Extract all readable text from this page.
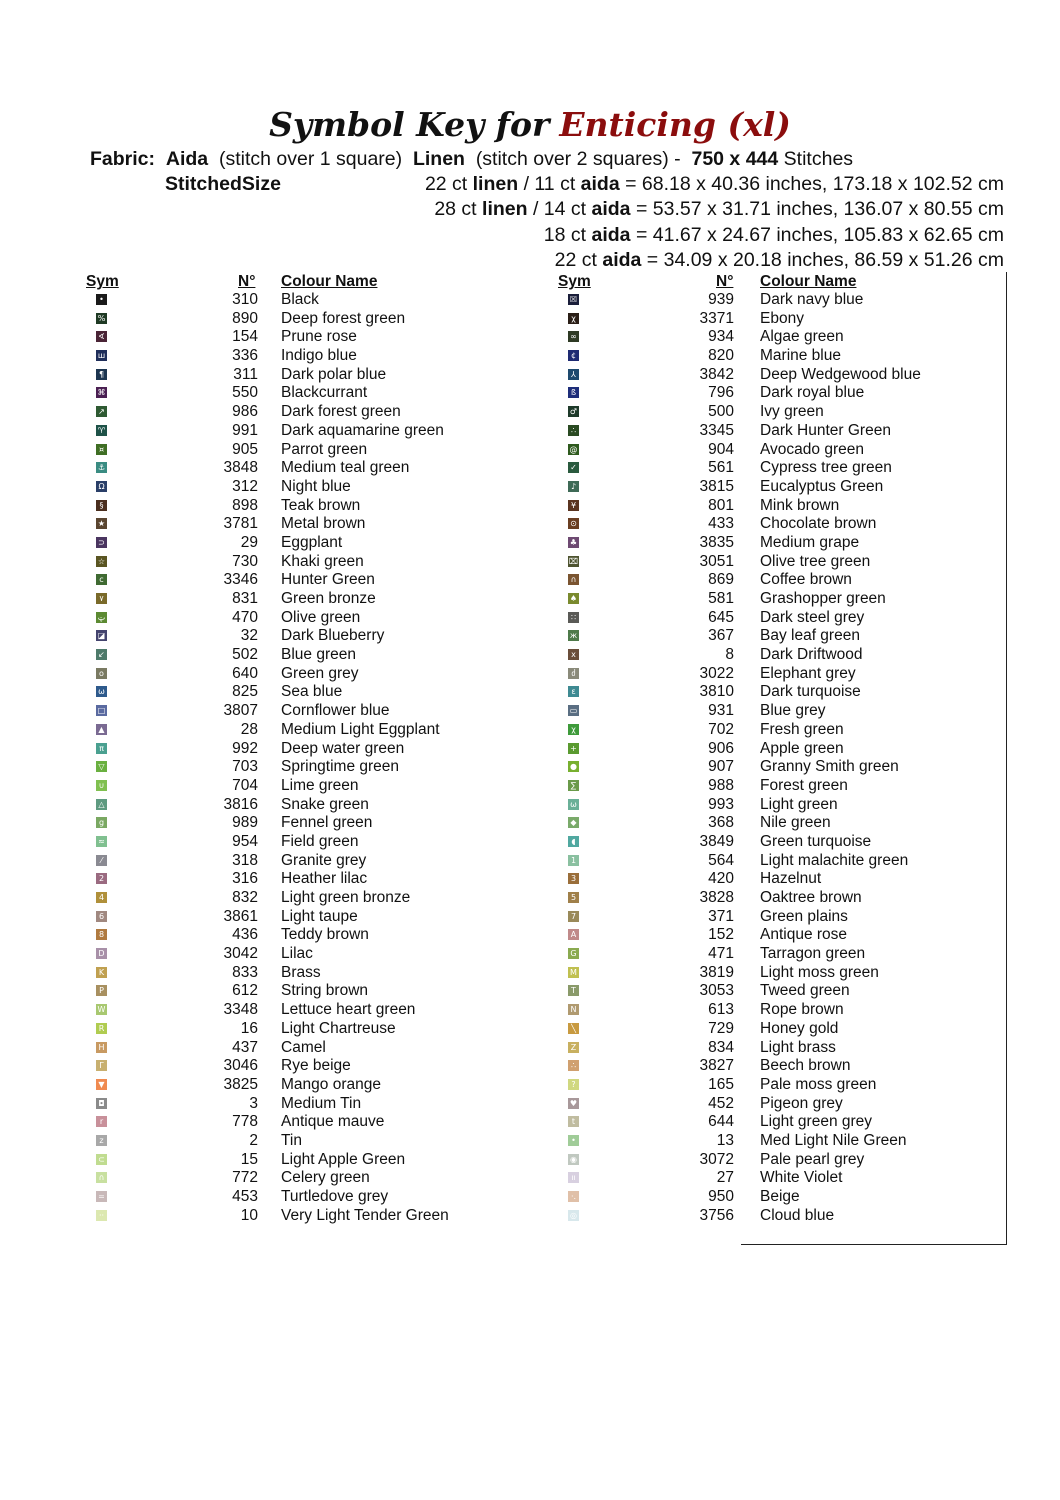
Symbol Key for Enticing (xl)
Fabric: Aida (stitch over 1 square) Linen (stitch over 2 squares) - 750 x 444 Stitches
StitchedSize	22 ct linen / 11 ct aida = 68.18 x 40.36 inches, 173.18 x 102.52 cm
28 ct linen / 14 ct aida = 53.57 x 31.71 inches, 136.07 x 80.55 cm
18 ct aida = 41.67 x 24.67 inches, 105.83 x 62.65 cm
22 ct aida = 34.09 x 20.18 inches, 86.59 x 51.26 cm
Sym	N° Colour Name	Sym	N° Colour Name
•	310 Black
%	890 Deep forest green
∢	154 Prune rose
ш	336 Indigo blue
¶	311 Dark polar blue
⌘	550 Blackcurrant
↗	986 Dark forest green
♈	991 Dark aquamarine green
¤	905 Parrot green
⚓	3848 Medium teal green
Ω	312 Night blue
§	898 Teak brown
★	3781 Metal brown
⊃	29 Eggplant
☆	730 Khaki green
c	3346 Hunter Green
٧	831 Green bronze
ټ	470 Olive green
◪	32 Dark Blueberry
↙	502 Blue green
o	640 Green grey
ω	825 Sea blue
□	3807 Cornflower blue
▲	28 Medium Light Eggplant
π	992 Deep water green
▽	703 Springtime green
∪	704 Lime green
△	3816 Snake green
g	989 Fennel green
≈	954 Field green
⁄	318 Granite grey
2	316 Heather lilac
4	832 Light green bronze
6	3861 Light taupe
8	436 Teddy brown
D	3042 Lilac
K	833 Brass
P	612 String brown
W	3348 Lettuce heart green
R	16 Light Chartreuse
H	437 Camel
Γ	3046 Rye beige
▼	3825 Mango orange
◘	3 Medium Tin
r	778 Antique mauve
z	2 Tin
⊂	15 Light Apple Green
∩	772 Celery green
=	453 Turtledove grey
··	10 Very Light Tender Green
☒	939 Dark navy blue
χ	3371 Ebony
∞	934 Algae green
¢	820 Marine blue
⅄	3842 Deep Wedgewood blue
ß	796 Dark royal blue
♂	500 Ivy green
∴	3345 Dark Hunter Green
@	904 Avocado green
✓	561 Cypress tree green
♪	3815 Eucalyptus Green
¥	801 Mink brown
⊙	433 Chocolate brown
♣	3835 Medium grape
⌧	3051 Olive tree green
∩	869 Coffee brown
♠	581 Grashopper green
∷	645 Dark steel grey
ж	367 Bay leaf green
x	8 Dark Driftwood
ძ	3022 Elephant grey
ε	3810 Dark turquoise
▭	931 Blue grey
χ	702 Fresh green
+	906 Apple green
●	907 Granny Smith green
∑	988 Forest green
ω	993 Light green
◆	368 Nile green
◖	3849 Green turquoise
1	564 Light malachite green
3	420 Hazelnut
5	3828 Oaktree brown
7	371 Green plains
A	152 Antique rose
G	471 Tarragon green
M	3819 Light moss green
T	3053 Tweed green
N	613 Rope brown
╲	729 Honey gold
Z	834 Light brass
∴	3827 Beech brown
?	165 Pale moss green
♥	452 Pigeon grey
t	644 Light green grey
•	13 Med Light Nile Green
◉	3072 Pale pearl grey
ıı	27 White Violet
·.	950 Beige
◎	3756 Cloud blue
